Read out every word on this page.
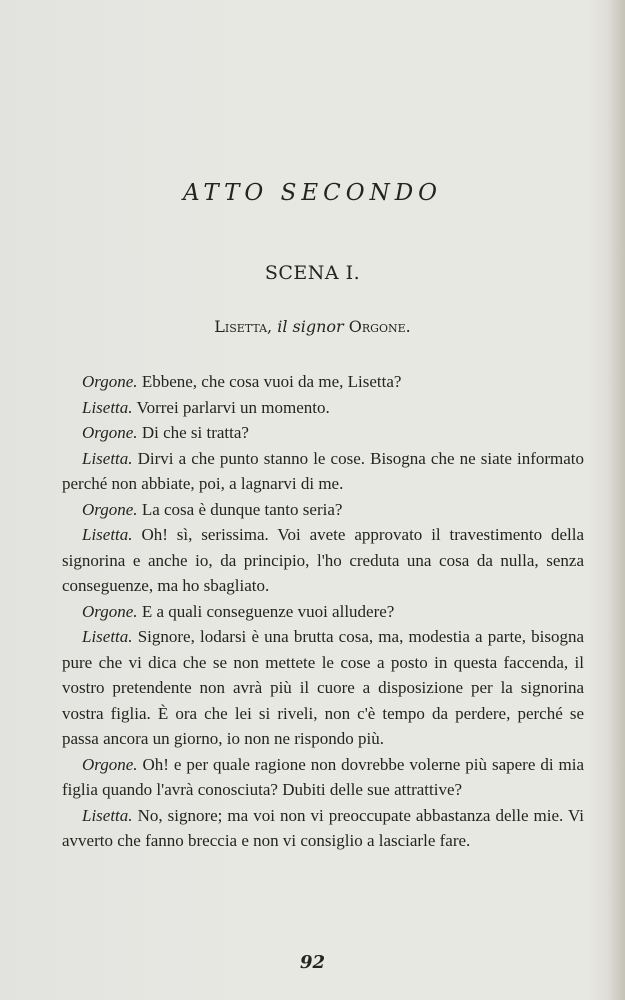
ATTO SECONDO
SCENA I.
Lisetta, il signor Orgone.

Orgone. Ebbene, che cosa vuoi da me, Lisetta?

Lisetta. Vorrei parlarvi un momento.

Orgone. Di che si tratta?

Lisetta. Dirvi a che punto stanno le cose. Bisogna che ne siate informato perché non abbiate, poi, a lagnarvi di me.

Orgone. La cosa è dunque tanto seria?

Lisetta. Oh! sì, serissima. Voi avete approvato il travestimento della signorina e anche io, da principio, l'ho creduta una cosa da nulla, senza conseguenze, ma ho sbagliato.

Orgone. E a quali conseguenze vuoi alludere?

Lisetta. Signore, lodarsi è una brutta cosa, ma, modestia a parte, bisogna pure che vi dica che se non mettete le cose a posto in questa faccenda, il vostro pretendente non avrà più il cuore a disposizione per la signorina vostra figlia. È ora che lei si riveli, non c'è tempo da perdere, perché se passa ancora un giorno, io non ne rispondo più.

Orgone. Oh! e per quale ragione non dovrebbe volerne più sapere di mia figlia quando l'avrà conosciuta? Dubiti delle sue attrattive?

Lisetta. No, signore; ma voi non vi preoccupate abbastanza delle mie. Vi avverto che fanno breccia e non vi consiglio a lasciarle fare.

92
